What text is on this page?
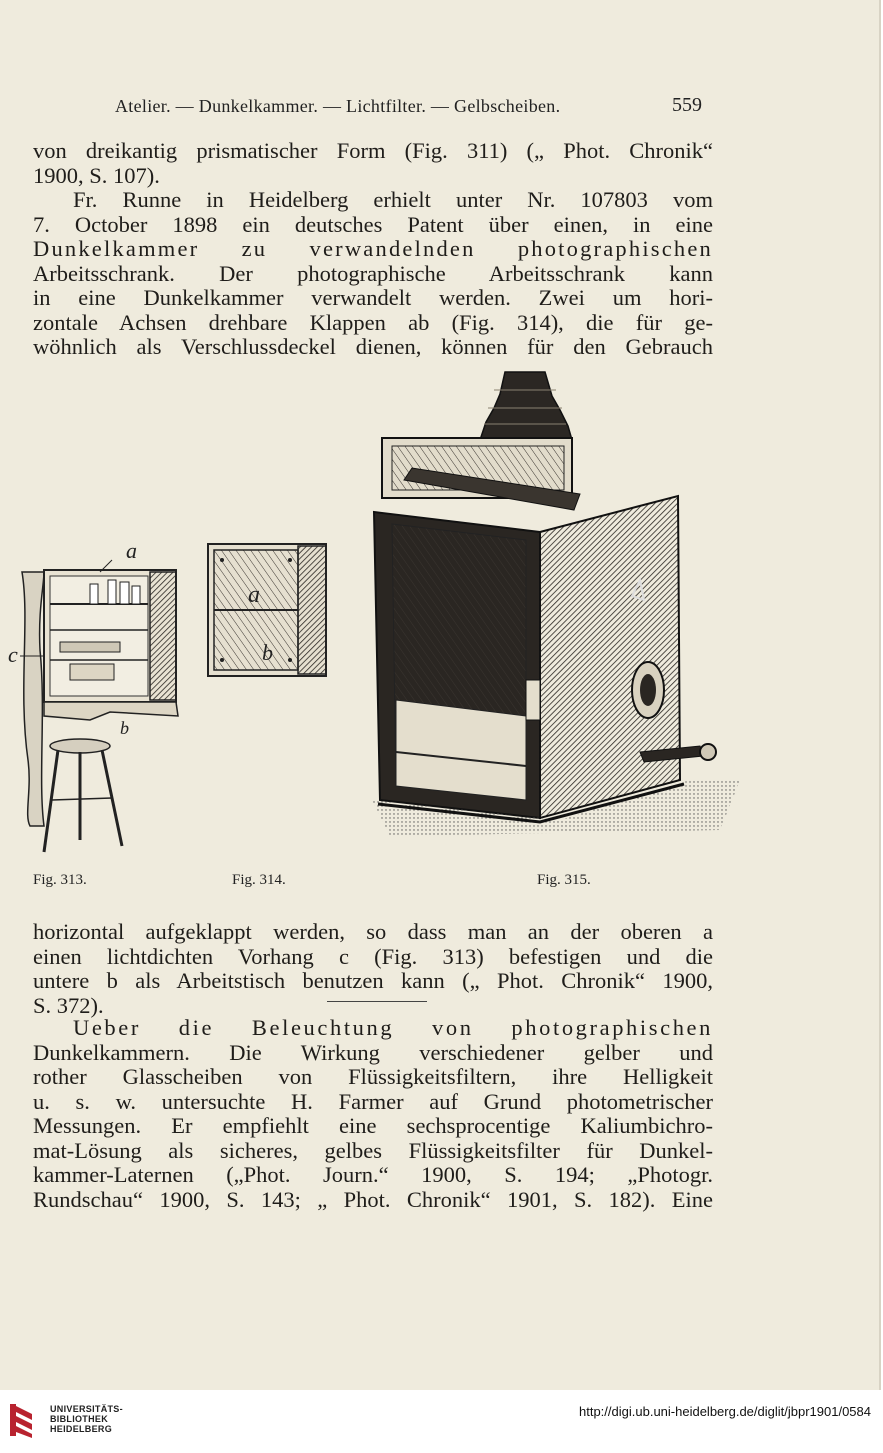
Atelier. — Dunkelkammer. — Lichtfilter. — Gelbscheiben.	559
von dreikantig prismatischer Form (Fig. 311) („ Phot. Chronik“
1900, S. 107).
Fr. Runne in Heidelberg erhielt unter Nr. 107803 vom
7. October 1898 ein deutsches Patent über einen, in eine
Dunkelkammer zu verwandelnden photographischen
Arbeitsschrank. Der photographische Arbeitsschrank kann
in eine Dunkelkammer verwandelt werden. Zwei um hori-
zontale Achsen drehbare Klappen ab (Fig. 314), die für ge-
wöhnlich als Verschlussdeckel dienen, können für den Gebrauch
a
c
b
a
b
Fig. 313.	Fig. 314.	Fig. 315.
horizontal aufgeklappt werden, so dass man an der oberen a
einen lichtdichten Vorhang c (Fig. 313) befestigen und die
untere b als Arbeitstisch benutzen kann („ Phot. Chronik“ 1900,
S. 372).
Ueber die Beleuchtung von photographischen
Dunkelkammern. Die Wirkung verschiedener gelber und
rother Glasscheiben von Flüssigkeitsfiltern, ihre Helligkeit
u. s. w. untersuchte H. Farmer auf Grund photometrischer
Messungen. Er empfiehlt eine sechsprocentige Kaliumbichro-
mat-Lösung als sicheres, gelbes Flüssigkeitsfilter für Dunkel-
kammer-Laternen („Phot. Journ.“ 1900, S. 194; „Photogr.
Rundschau“ 1900, S. 143; „ Phot. Chronik“ 1901, S. 182). Eine
UNIVERSITÄTS-
BIBLIOTHEK
HEIDELBERG
http://digi.ub.uni-heidelberg.de/diglit/jbpr1901/0584
